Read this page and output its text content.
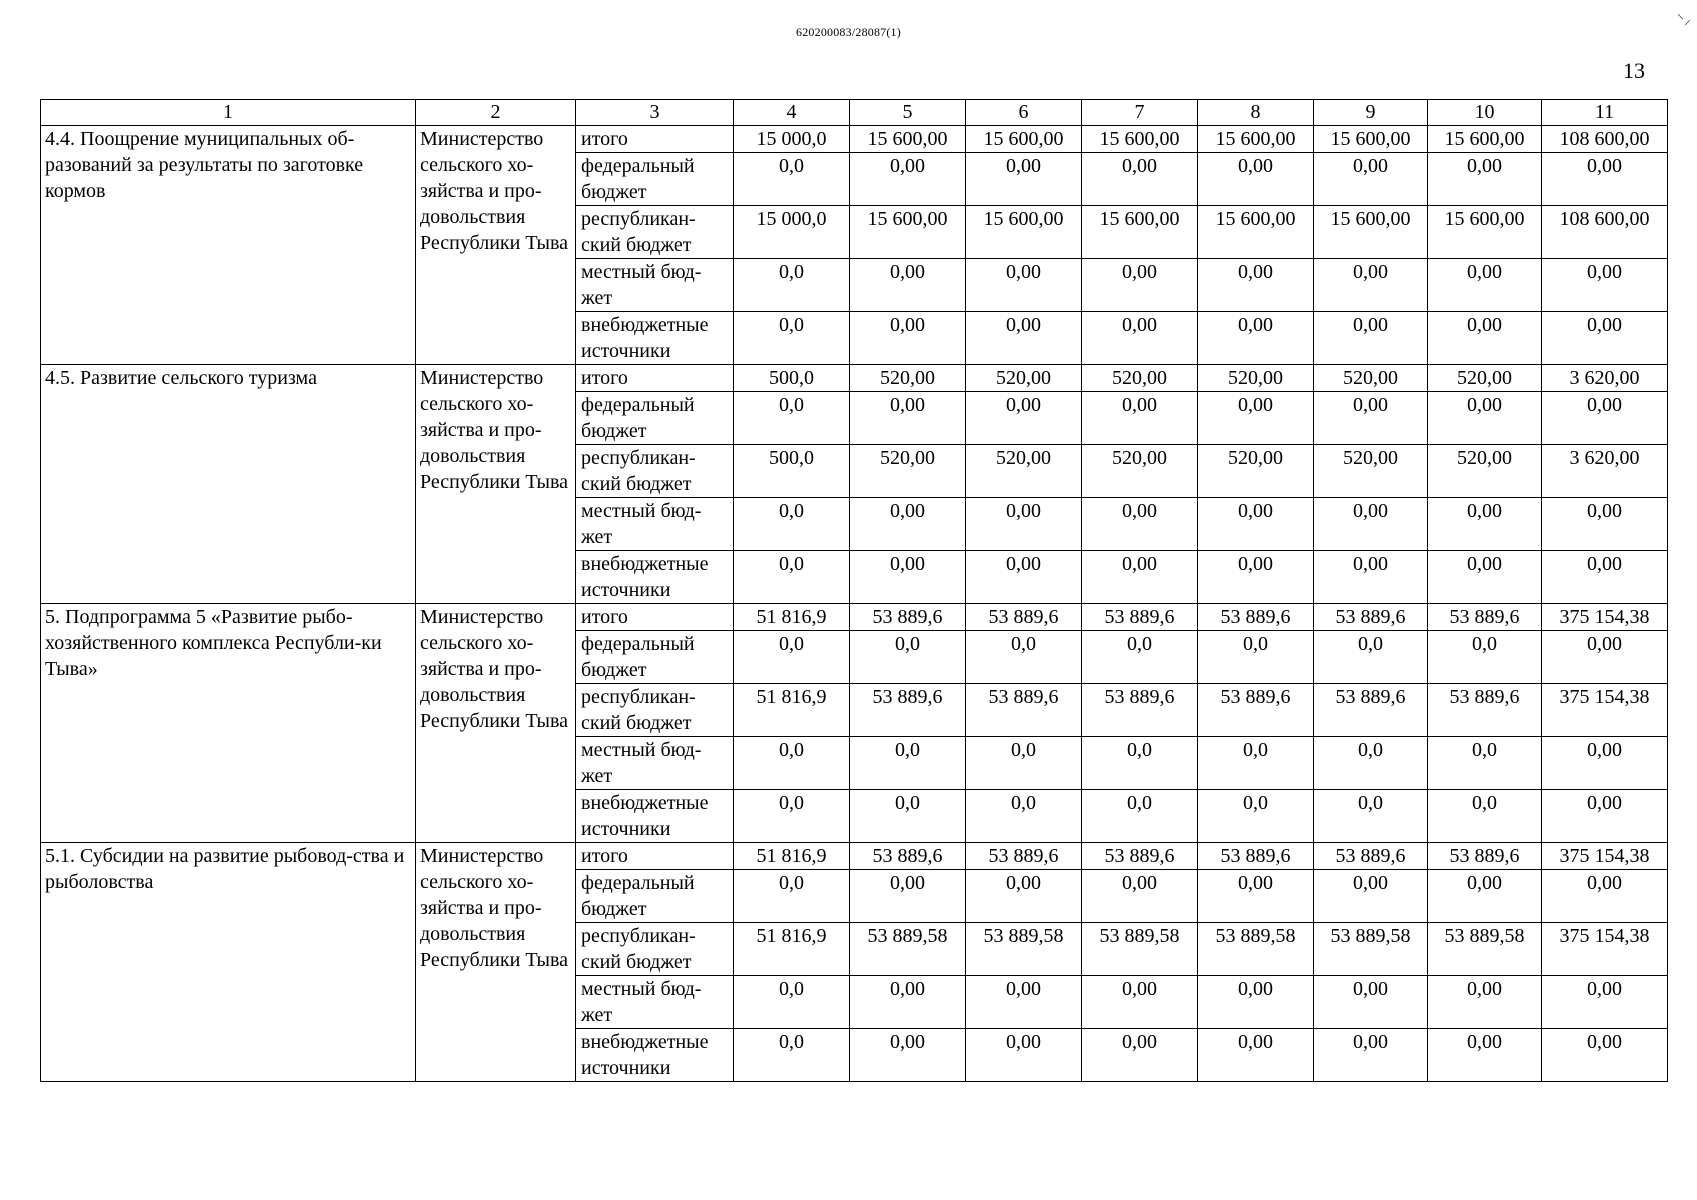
620200083/28087(1)
⸌⸝
13
1	2	3	4	5	6	7	8	9	10	11
4.4. Поощрение муниципальных об-разований за результаты по заготовке кормов	Министерство сельского хо-зяйства и про-довольствия Республики Тыва	итого	15 000,0	15 600,00	15 600,00	15 600,00	15 600,00	15 600,00	15 600,00	108 600,00
		федеральный бюджет	0,0	0,00	0,00	0,00	0,00	0,00	0,00	0,00
		республикан-ский бюджет	15 000,0	15 600,00	15 600,00	15 600,00	15 600,00	15 600,00	15 600,00	108 600,00
		местный бюд-жет	0,0	0,00	0,00	0,00	0,00	0,00	0,00	0,00
		внебюджетные источники	0,0	0,00	0,00	0,00	0,00	0,00	0,00	0,00
4.5. Развитие сельского туризма	Министерство сельского хо-зяйства и про-довольствия Республики Тыва	итого	500,0	520,00	520,00	520,00	520,00	520,00	520,00	3 620,00
		федеральный бюджет	0,0	0,00	0,00	0,00	0,00	0,00	0,00	0,00
		республикан-ский бюджет	500,0	520,00	520,00	520,00	520,00	520,00	520,00	3 620,00
		местный бюд-жет	0,0	0,00	0,00	0,00	0,00	0,00	0,00	0,00
		внебюджетные источники	0,0	0,00	0,00	0,00	0,00	0,00	0,00	0,00
5. Подпрограмма 5 «Развитие рыбо-хозяйственного комплекса Республи-ки Тыва»	Министерство сельского хо-зяйства и про-довольствия Республики Тыва	итого	51 816,9	53 889,6	53 889,6	53 889,6	53 889,6	53 889,6	53 889,6	375 154,38
		федеральный бюджет	0,0	0,0	0,0	0,0	0,0	0,0	0,0	0,00
		республикан-ский бюджет	51 816,9	53 889,6	53 889,6	53 889,6	53 889,6	53 889,6	53 889,6	375 154,38
		местный бюд-жет	0,0	0,0	0,0	0,0	0,0	0,0	0,0	0,00
		внебюджетные источники	0,0	0,0	0,0	0,0	0,0	0,0	0,0	0,00
5.1. Субсидии на развитие рыбовод-ства и рыболовства	Министерство сельского хо-зяйства и про-довольствия Республики Тыва	итого	51 816,9	53 889,6	53 889,6	53 889,6	53 889,6	53 889,6	53 889,6	375 154,38
		федеральный бюджет	0,0	0,00	0,00	0,00	0,00	0,00	0,00	0,00
		республикан-ский бюджет	51 816,9	53 889,58	53 889,58	53 889,58	53 889,58	53 889,58	53 889,58	375 154,38
		местный бюд-жет	0,0	0,00	0,00	0,00	0,00	0,00	0,00	0,00
		внебюджетные источники	0,0	0,00	0,00	0,00	0,00	0,00	0,00	0,00
